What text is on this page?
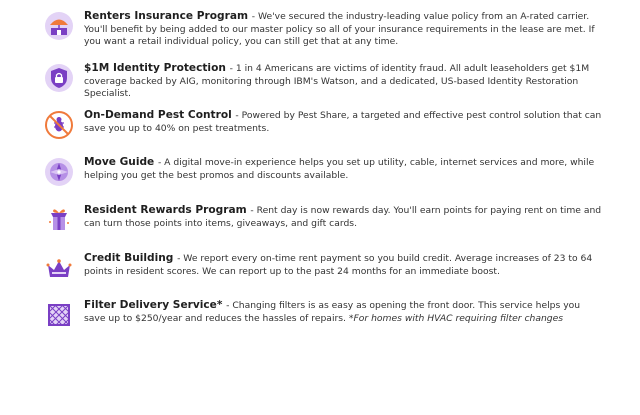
Renters Insurance Program - We've secured the industry-leading value policy from an A-rated carrier. You'll benefit by being added to our master policy so all of your insurance requirements in the lease are met. If you want a retail individual policy, you can still get that at any time.
$1M Identity Protection - 1 in 4 Americans are victims of identity fraud. All adult leaseholders get $1M coverage backed by AIG, monitoring through IBM's Watson, and a dedicated, US-based Identity Restoration Specialist.
On-Demand Pest Control - Powered by Pest Share, a targeted and effective pest control solution that can save you up to 40% on pest treatments.
Move Guide - A digital move-in experience helps you set up utility, cable, internet services and more, while helping you get the best promos and discounts available.
Resident Rewards Program - Rent day is now rewards day. You'll earn points for paying rent on time and can turn those points into items, giveaways, and gift cards.
Credit Building - We report every on-time rent payment so you build credit. Average increases of 23 to 64 points in resident scores. We can report up to the past 24 months for an immediate boost.
Filter Delivery Service* - Changing filters is as easy as opening the front door. This service helps you save up to $250/year and reduces the hassles of repairs. *For homes with HVAC requiring filter changes
